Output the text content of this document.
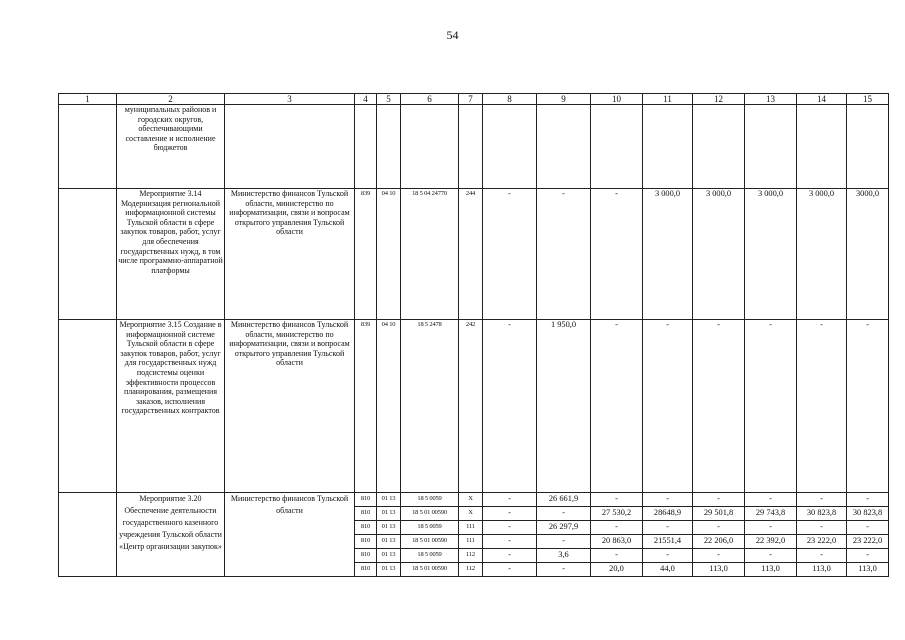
54
1	2	3	4	5	6	7	8	9	10	11	12	13	14	15
	муниципальных районов и городских округов, обеспечивающими составление и исполнение бюджетов													
	Мероприятие 3.14 Модернизация региональной информационной системы Тульской области в сфере закупок товаров, работ, услуг для обеспечения государственных нужд, в том числе программно-аппаратной платформы	Министерство финансов Тульской области, министерство по информатизации, связи и вопросам открытого управления Тульской области	839	04 10	18 5 04 24770	244	-	-	-	3 000,0	3 000,0	3 000,0	3 000,0	3000,0
	Мероприятие 3.15 Создание в информационной системе Тульской области в сфере закупок товаров, работ, услуг для государственных нужд подсистемы оценки эффективности процессов планирования, размещения заказов, исполнения государственных контрактов	Министерство финансов Тульской области, министерство по информатизации, связи и вопросам открытого управления Тульской области	839	04 10	18 5 2478	242	-	1 950,0	-	-	-	-	-	-
	Мероприятие 3.20 Обеспечение деятельности государственного казенного учреждения Тульской области «Центр организации закупок»	Министерство финансов Тульской области	810	01 13	18 5 0059	X	-	26 661,9	-	-	-	-	-	-
			810	01 13	18 5 01 00590	X	-	-	27 530,2	28648,9	29 501,8	29 743,8	30 823,8	30 823,8
			810	01 13	18 5 0059	111	-	26 297,9	-	-	-	-	-	-
			810	01 13	18 5 01 00590	111	-	-	20 863,0	21551,4	22 206,0	22 392,0	23 222,0	23 222,0
			810	01 13	18 5 0059	112	-	3,6	-	-	-	-	-	-
			810	01 13	18 5 01 00590	112	-	-	20,0	44,0	113,0	113,0	113,0	113,0
